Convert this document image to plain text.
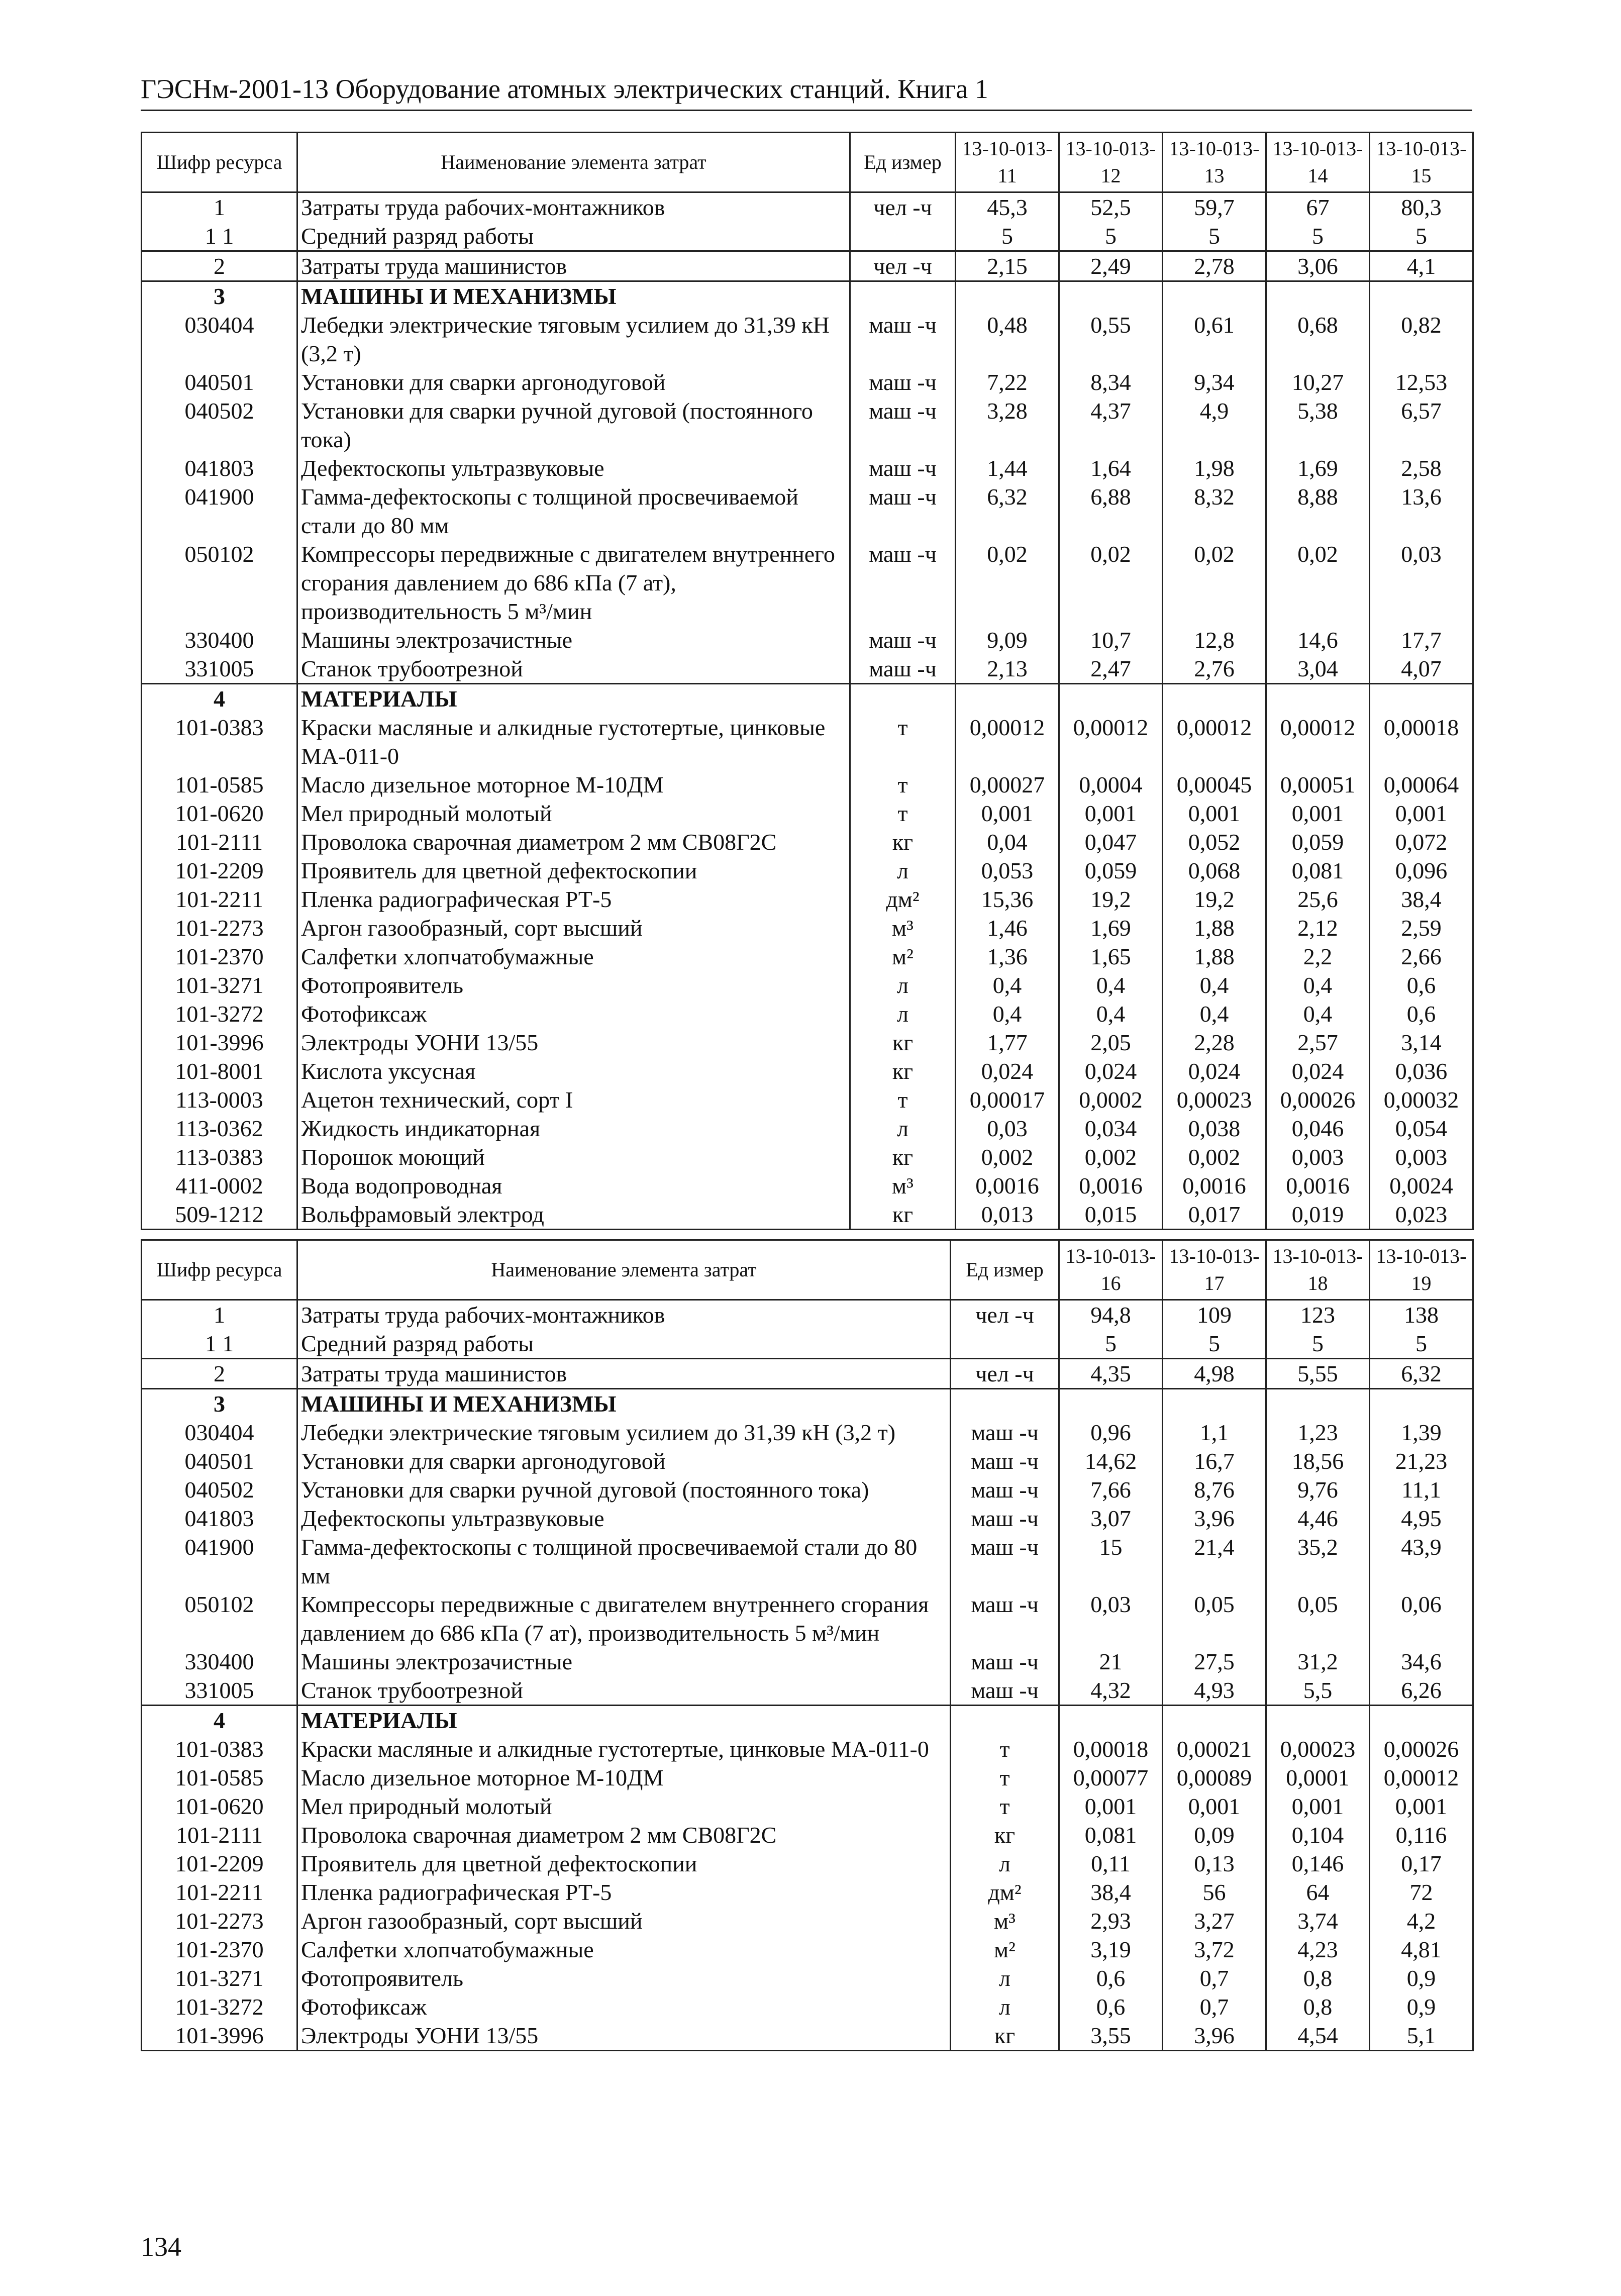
ГЭСНм-2001-13 Оборудование атомных электрических станций. Книга 1
Шифр ресурса	Наименование элемента затрат	Ед измер	13-10-013-11	13-10-013-12	13-10-013-13	13-10-013-14	13-10-013-15
1	Затраты труда рабочих-монтажников	чел -ч	45,3	52,5	59,7	67	80,3
1 1	Средний разряд работы		5	5	5	5	5
2	Затраты труда машинистов	чел -ч	2,15	2,49	2,78	3,06	4,1
3	МАШИНЫ И МЕХАНИЗМЫ						
030404	Лебедки электрические тяговым усилием до 31,39 кН (3,2 т)	маш -ч	0,48	0,55	0,61	0,68	0,82
040501	Установки для сварки аргонодуговой	маш -ч	7,22	8,34	9,34	10,27	12,53
040502	Установки для сварки ручной дуговой (постоянного тока)	маш -ч	3,28	4,37	4,9	5,38	6,57
041803	Дефектоскопы ультразвуковые	маш -ч	1,44	1,64	1,98	1,69	2,58
041900	Гамма-дефектоскопы с толщиной просвечиваемой стали до 80 мм	маш -ч	6,32	6,88	8,32	8,88	13,6
050102	Компрессоры передвижные с двигателем внутреннего сгорания давлением до 686 кПа (7 ат), производительность 5 м³/мин	маш -ч	0,02	0,02	0,02	0,02	0,03
330400	Машины электрозачистные	маш -ч	9,09	10,7	12,8	14,6	17,7
331005	Станок трубоотрезной	маш -ч	2,13	2,47	2,76	3,04	4,07
4	МАТЕРИАЛЫ						
101-0383	Краски масляные и алкидные густотертые, цинковые МА-011-0	т	0,00012	0,00012	0,00012	0,00012	0,00018
101-0585	Масло дизельное моторное М-10ДМ	т	0,00027	0,0004	0,00045	0,00051	0,00064
101-0620	Мел природный молотый	т	0,001	0,001	0,001	0,001	0,001
101-2111	Проволока сварочная диаметром 2 мм СВ08Г2С	кг	0,04	0,047	0,052	0,059	0,072
101-2209	Проявитель для цветной дефектоскопии	л	0,053	0,059	0,068	0,081	0,096
101-2211	Пленка радиографическая РТ-5	дм²	15,36	19,2	19,2	25,6	38,4
101-2273	Аргон газообразный, сорт высший	м³	1,46	1,69	1,88	2,12	2,59
101-2370	Салфетки хлопчатобумажные	м²	1,36	1,65	1,88	2,2	2,66
101-3271	Фотопроявитель	л	0,4	0,4	0,4	0,4	0,6
101-3272	Фотофиксаж	л	0,4	0,4	0,4	0,4	0,6
101-3996	Электроды УОНИ 13/55	кг	1,77	2,05	2,28	2,57	3,14
101-8001	Кислота уксусная	кг	0,024	0,024	0,024	0,024	0,036
113-0003	Ацетон технический, сорт I	т	0,00017	0,0002	0,00023	0,00026	0,00032
113-0362	Жидкость индикаторная	л	0,03	0,034	0,038	0,046	0,054
113-0383	Порошок моющий	кг	0,002	0,002	0,002	0,003	0,003
411-0002	Вода водопроводная	м³	0,0016	0,0016	0,0016	0,0016	0,0024
509-1212	Вольфрамовый электрод	кг	0,013	0,015	0,017	0,019	0,023
Шифр ресурса	Наименование элемента затрат	Ед измер	13-10-013-16	13-10-013-17	13-10-013-18	13-10-013-19
1	Затраты труда рабочих-монтажников	чел -ч	94,8	109	123	138
1 1	Средний разряд работы		5	5	5	5
2	Затраты труда машинистов	чел -ч	4,35	4,98	5,55	6,32
3	МАШИНЫ И МЕХАНИЗМЫ					
030404	Лебедки электрические тяговым усилием до 31,39 кН (3,2 т)	маш -ч	0,96	1,1	1,23	1,39
040501	Установки для сварки аргонодуговой	маш -ч	14,62	16,7	18,56	21,23
040502	Установки для сварки ручной дуговой (постоянного тока)	маш -ч	7,66	8,76	9,76	11,1
041803	Дефектоскопы ультразвуковые	маш -ч	3,07	3,96	4,46	4,95
041900	Гамма-дефектоскопы с толщиной просвечиваемой стали до 80 мм	маш -ч	15	21,4	35,2	43,9
050102	Компрессоры передвижные с двигателем внутреннего сгорания давлением до 686 кПа (7 ат), производительность 5 м³/мин	маш -ч	0,03	0,05	0,05	0,06
330400	Машины электрозачистные	маш -ч	21	27,5	31,2	34,6
331005	Станок трубоотрезной	маш -ч	4,32	4,93	5,5	6,26
4	МАТЕРИАЛЫ					
101-0383	Краски масляные и алкидные густотертые, цинковые МА-011-0	т	0,00018	0,00021	0,00023	0,00026
101-0585	Масло дизельное моторное М-10ДМ	т	0,00077	0,00089	0,0001	0,00012
101-0620	Мел природный молотый	т	0,001	0,001	0,001	0,001
101-2111	Проволока сварочная диаметром 2 мм СВ08Г2С	кг	0,081	0,09	0,104	0,116
101-2209	Проявитель для цветной дефектоскопии	л	0,11	0,13	0,146	0,17
101-2211	Пленка радиографическая РТ-5	дм²	38,4	56	64	72
101-2273	Аргон газообразный, сорт высший	м³	2,93	3,27	3,74	4,2
101-2370	Салфетки хлопчатобумажные	м²	3,19	3,72	4,23	4,81
101-3271	Фотопроявитель	л	0,6	0,7	0,8	0,9
101-3272	Фотофиксаж	л	0,6	0,7	0,8	0,9
101-3996	Электроды УОНИ 13/55	кг	3,55	3,96	4,54	5,1
134
